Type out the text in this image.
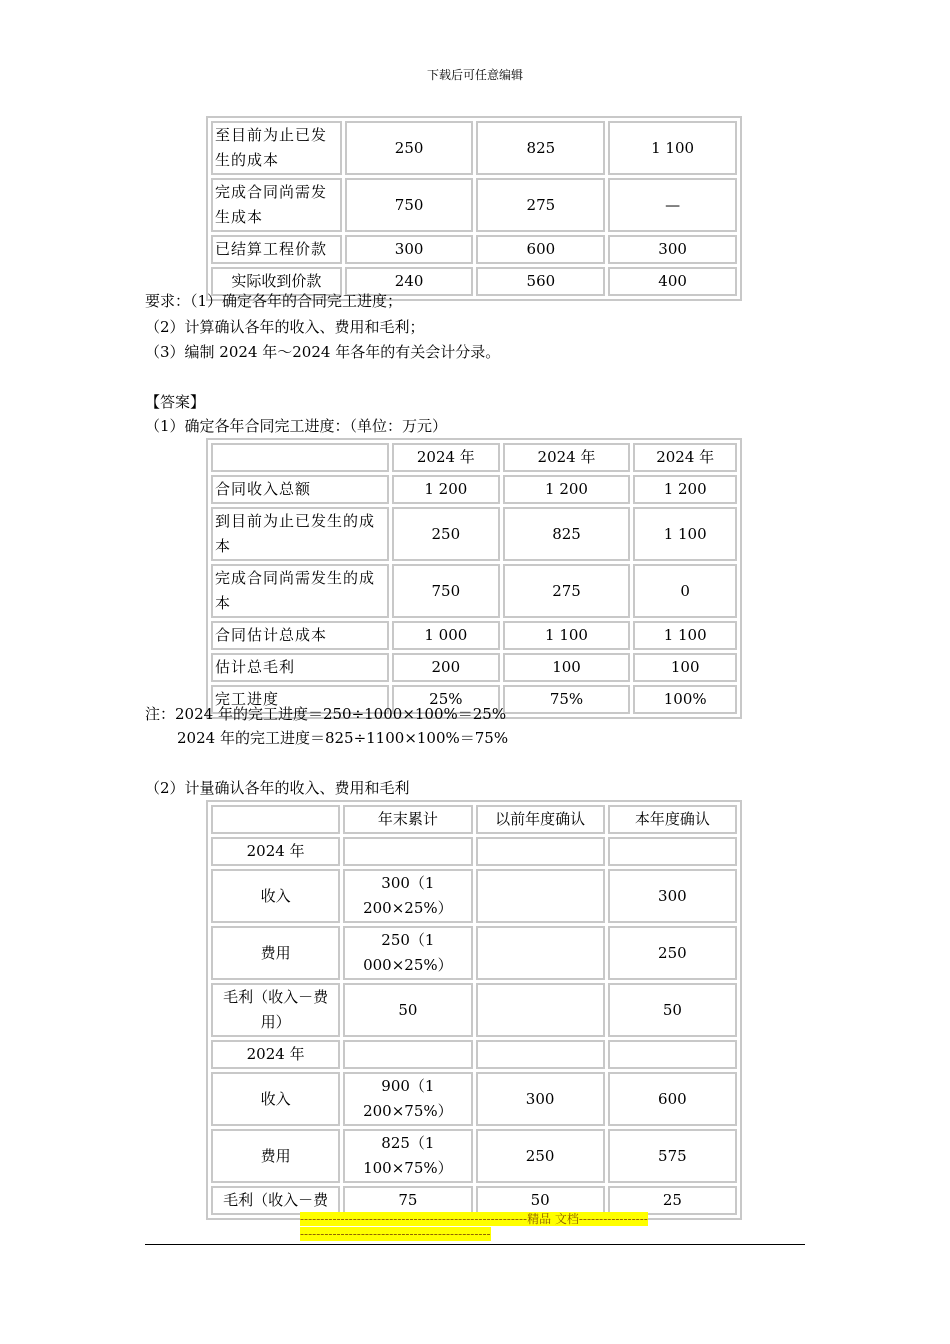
下载后可任意编辑
至目前为止已发生的成本	250	825	1 100
完成合同尚需发生成本	750	275	—
已结算工程价款	300	600	300
实际收到价款	240	560	400
要求：（1）确定各年的合同完工进度；
（2）计算确认各年的收入、费用和毛利；
（3）编制 2024 年～2024 年各年的有关会计分录。
【答案】
（1）确定各年合同完工进度：（单位：万元）
	2024 年	2024 年	2024 年
合同收入总额	1 200	1 200	1 200
到目前为止已发生的成本	250	825	1 100
完成合同尚需发生的成本	750	275	0
合同估计总成本	1 000	1 100	1 100
估计总毛利	200	100	100
完工进度	25%	75%	100%
注：2024 年的完工进度＝250÷1000×100%＝25%
2024 年的完工进度＝825÷1100×100%＝75%
（2）计量确认各年的收入、费用和毛利
	年末累计	以前年度确认	本年度确认
2024 年			
收入	300（1 200×25%）		300
费用	250（1 000×25%）		250
毛利（收入－费用）	50		50
2024 年			
收入	900（1 200×75%）	300	600
费用	825（1 100×75%）	250	575
毛利（收入－费	75	50	25
--------------------------------------------------------精品 文档----------------------------------------------------------------
